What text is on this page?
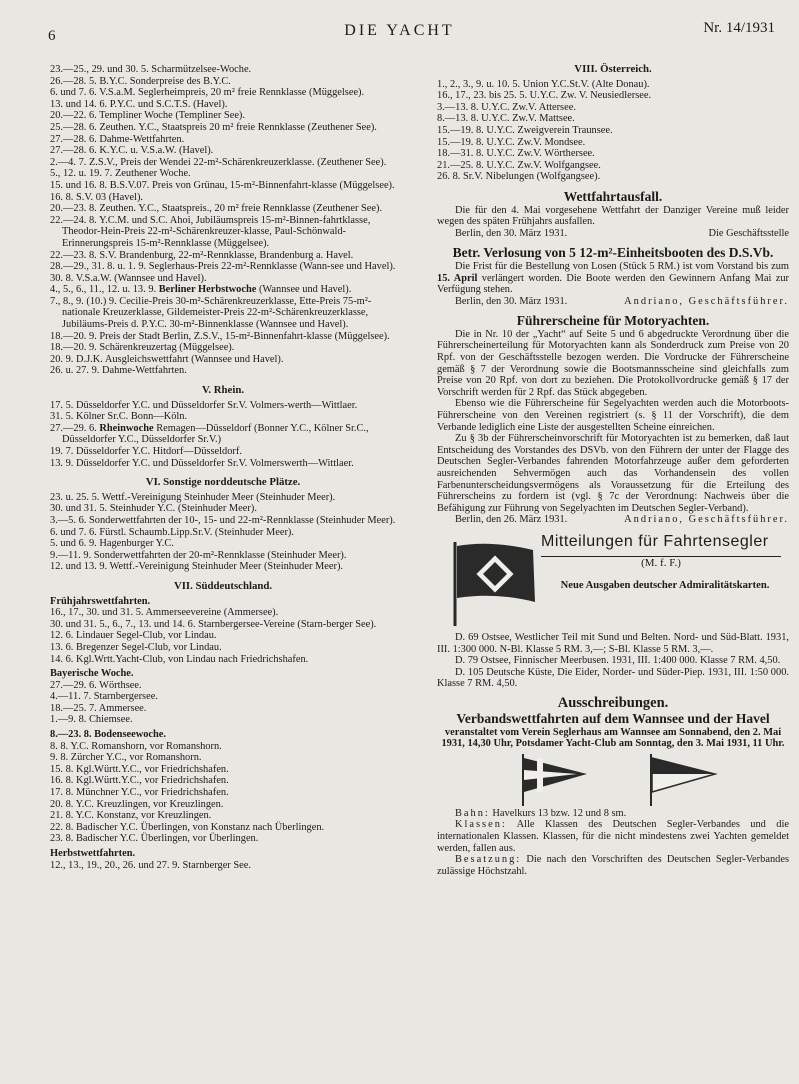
6	DIE YACHT	Nr. 14/1931
23.—25., 29. und 30. 5. Scharmützelsee-Woche.
26.—28. 5. B.Y.C. Sonderpreise des B.Y.C.
6. und 7. 6. V.S.a.M. Seglerheimpreis, 20 m² freie Rennklasse (Müggelsee).
13. und 14. 6. P.Y.C. und S.C.T.S. (Havel).
20.—22. 6. Templiner Woche (Templiner See).
25.—28. 6. Zeuthen. Y.C., Staatspreis 20 m² freie Rennklasse (Zeuthener See).
27.—28. 6. Dahme-Wettfahrten.
27.—28. 6. K.Y.C. u. V.S.a.W. (Havel).
2.—4. 7. Z.S.V., Preis der Wendei 22-m²-Schärenkreuzerklasse. (Zeuthener See).
5., 12. u. 19. 7. Zeuthener Woche.
15. und 16. 8. B.S.V.07. Preis von Grünau, 15-m²-Binnenfahrt-klasse (Müggelsee).
16. 8. S.V. 03 (Havel).
20.—23. 8. Zeuthen. Y.C., Staatspreis., 20 m² freie Rennklasse (Zeuthener See).
22.—24. 8. Y.C.M. und S.C. Ahoi, Jubiläumspreis 15-m²-Binnen-fahrtklasse, Theodor-Hein-Preis 22-m²-Schärenkreuzer-klasse, Paul-Schönwald-Erinnerungspreis 15-m²-Rennklasse (Müggelsee).
22.—23. 8. S.V. Brandenburg, 22-m²-Rennklasse, Brandenburg a. Havel.
28.—29., 31. 8. u. 1. 9. Seglerhaus-Preis 22-m²-Rennklasse (Wann-see und Havel).
30. 8. V.S.a.W. (Wannsee und Havel).
4., 5., 6., 11., 12. u. 13. 9. Berliner Herbstwoche (Wannsee und Havel).
7., 8., 9. (10.) 9. Cecilie-Preis 30-m²-Schärenkreuzerklasse, Ette-Preis 75-m²-nationale Kreuzerklasse, Gildemeister-Preis 22-m²-Schärenkreuzerklasse, Jubiläums-Preis d. P.Y.C. 30-m²-Binnenklasse (Wannsee und Havel).
18.—20. 9. Preis der Stadt Berlin, Z.S.V., 15-m²-Binnenfahrt-klasse (Müggelsee).
18.—20. 9. Schärenkreuzertag (Müggelsee).
20. 9. D.J.K. Ausgleichswettfahrt (Wannsee und Havel).
26. u. 27. 9. Dahme-Wettfahrten.
V. Rhein.
17. 5. Düsseldorfer Y.C. und Düsseldorfer Sr.V. Volmers-werth—Wittlaer.
31. 5. Kölner Sr.C. Bonn—Köln.
27.—29. 6. Rheinwoche Remagen—Düsseldorf (Bonner Y.C., Kölner Sr.C., Düsseldorfer Y.C., Düsseldorfer Sr.V.)
19. 7. Düsseldorfer Y.C. Hitdorf—Düsseldorf.
13. 9. Düsseldorfer Y.C. und Düsseldorfer Sr.V. Volmerswerth—Wittlaer.
VI. Sonstige norddeutsche Plätze.
23. u. 25. 5. Wettf.-Vereinigung Steinhuder Meer (Steinhuder Meer).
30. und 31. 5. Steinhuder Y.C. (Steinhuder Meer).
3.—5. 6. Sonderwettfahrten der 10-, 15- und 22-m²-Rennklasse (Steinhuder Meer).
6. und 7. 6. Fürstl. Schaumb.Lipp.Sr.V. (Steinhuder Meer).
5. und 6. 9. Hagenburger Y.C.
9.—11. 9. Sonderwettfahrten der 20-m²-Rennklasse (Steinhuder Meer).
12. und 13. 9. Wettf.-Vereinigung Steinhuder Meer (Steinhuder Meer).
VII. Süddeutschland.
Frühjahrswettfahrten.
16., 17., 30. und 31. 5. Ammerseevereine (Ammersee).
30. und 31. 5., 6., 7., 13. und 14. 6. Starnbergersee-Vereine (Starn-berger See).
12. 6. Lindauer Segel-Club, vor Lindau.
13. 6. Bregenzer Segel-Club, vor Lindau.
14. 6. Kgl.Wrtt.Yacht-Club, von Lindau nach Friedrichshafen.
Bayerische Woche.
27.—29. 6. Wörthsee.
4.—11. 7. Starnbergersee.
18.—25. 7. Ammersee.
1.—9. 8. Chiemsee.
8.—23. 8. Bodenseewoche.
8. 8. Y.C. Romanshorn, vor Romanshorn.
9. 8. Zürcher Y.C., vor Romanshorn.
15. 8. Kgl.Württ.Y.C., vor Friedrichshafen.
16. 8. Kgl.Württ.Y.C., vor Friedrichshafen.
17. 8. Münchner Y.C., vor Friedrichshafen.
20. 8. Y.C. Kreuzlingen, vor Kreuzlingen.
21. 8. Y.C. Konstanz, vor Kreuzlingen.
22. 8. Badischer Y.C. Überlingen, von Konstanz nach Überlingen.
23. 8. Badischer Y.C. Überlingen, vor Überlingen.
Herbstwettfahrten.
12., 13., 19., 20., 26. und 27. 9. Starnberger See.
VIII. Österreich.
1., 2., 3., 9. u. 10. 5. Union Y.C.St.V. (Alte Donau).
16., 17., 23. bis 25. 5. U.Y.C. Zw. V. Neusiedlersee.
3.—13. 8. U.Y.C. Zw.V. Attersee.
8.—13. 8. U.Y.C. Zw.V. Mattsee.
15.—19. 8. U.Y.C. Zweigverein Traunsee.
15.—19. 8. U.Y.C. Zw.V. Mondsee.
18.—31. 8. U.Y.C. Zw.V. Wörthersee.
21.—25. 8. U.Y.C. Zw.V. Wolfgangsee.
26. 8. Sr.V. Nibelungen (Wolfgangsee).
Wettfahrtausfall.
Die für den 4. Mai vorgesehene Wettfahrt der Danziger Vereine muß leider wegen des späten Frühjahrs ausfallen.
Berlin, den 30. März 1931.	Die Geschäftsstelle
Betr. Verlosung von 5 12-m²-Einheitsbooten des D.S.Vb.
Die Frist für die Bestellung von Losen (Stück 5 RM.) ist vom Vorstand bis zum 15. April verlängert worden. Die Boote werden den Gewinnern Anfang Mai zur Verfügung stehen.
Berlin, den 30. März 1931.	Andriano, Geschäftsführer.
Führerscheine für Motoryachten.
Die in Nr. 10 der „Yacht“ auf Seite 5 und 6 abgedruckte Verordnung über die Führerscheinerteilung für Motoryachten kann als Sonderdruck zum Preise von 20 Rpf. von der Geschäftsstelle bezogen werden. Die Vordrucke der Führerscheine gemäß § 7 der Verordnung sowie die Bootsmannsscheine sind gleichfalls zum Preise von 20 Rpf. von dort zu beziehen. Die Protokollvordrucke gemäß § 17 der Vorschrift werden für 2 Rpf. das Stück abgegeben.
Ebenso wie die Führerscheine für Segelyachten werden auch die Motorboots-Führerscheine von den Vereinen registriert (s. § 11 der Vorschrift), die dem Verbande lediglich eine Liste der ausgestellten Scheine einreichen.
Zu § 3b der Führerscheinvorschrift für Motoryachten ist zu bemerken, daß laut Entscheidung des Vorstandes des DSVb. von den Führern der unter der Flagge des Deutschen Segler-Verbandes fahrenden Motorfahrzeuge außer dem geforderten ausreichenden Sehvermögen auch das Vorhandensein des vollen Farbenunterscheidungsvermögens als Voraussetzung für die Erteilung des Führerscheins zu fordern ist (vgl. § 7c der Verordnung: Nachweis über die Befähigung zur Führung von Segelyachten im Deutschen Segler-Verband).
Berlin, den 26. März 1931.	Andriano, Geschäftsführer.
Mitteilungen für Fahrtensegler
(M. f. F.)
Neue Ausgaben deutscher Admiralitätskarten.
D. 69 Ostsee, Westlicher Teil mit Sund und Belten. Nord- und Süd-Blatt. 1931, III. 1:300 000. N-Bl. Klasse 5 RM. 3,—; S-Bl. Klasse 5 RM. 3,—.
D. 79 Ostsee, Finnischer Meerbusen. 1931, III. 1:400 000. Klasse 7 RM. 4,50.
D. 105 Deutsche Küste, Die Eider, Norder- und Süder-Piep. 1931, III. 1:50 000. Klasse 7 RM. 4,50.
Ausschreibungen.
Verbandswettfahrten auf dem Wannsee und der Havel
veranstaltet vom Verein Seglerhaus am Wannsee am Sonnabend, den 2. Mai 1931, 14,30 Uhr, Potsdamer Yacht-Club am Sonntag, den 3. Mai 1931, 11 Uhr.
Bahn: Havelkurs 13 bzw. 12 und 8 sm.
Klassen: Alle Klassen des Deutschen Segler-Verbandes und die internationalen Klassen. Klassen, für die nicht mindestens zwei Yachten gemeldet werden, fallen aus.
Besatzung: Die nach den Vorschriften des Deutschen Segler-Verbandes zulässige Höchstzahl.
